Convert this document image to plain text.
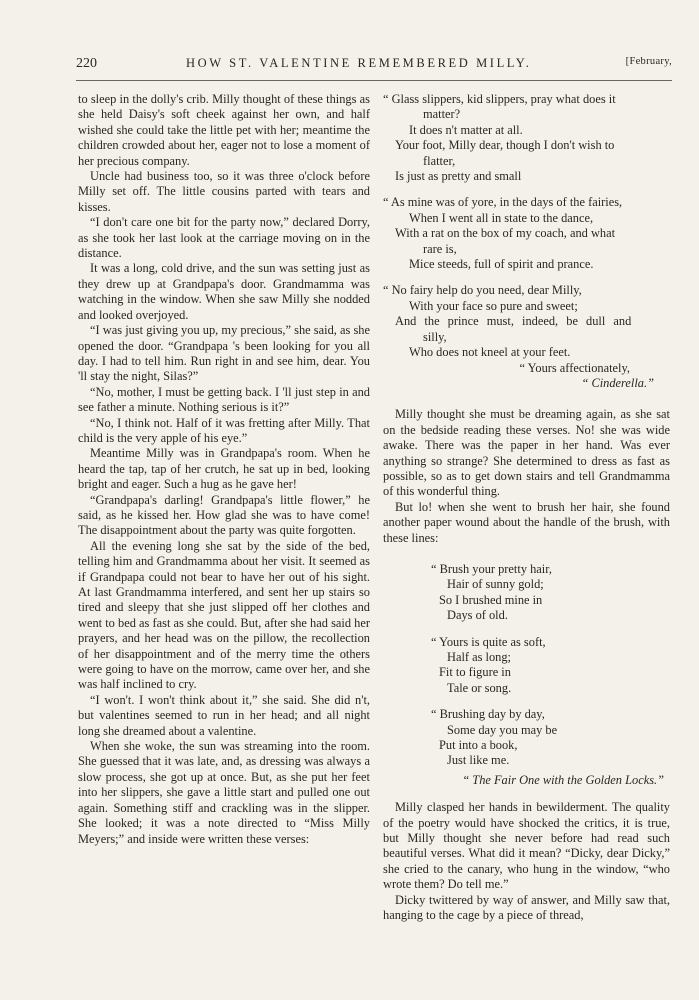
220	HOW ST. VALENTINE REMEMBERED MILLY.	[February,

to sleep in the dolly's crib. Milly thought of these things as she held Daisy's soft cheek against her own, and half wished she could take the little pet with her; meantime the children crowded about her, eager not to lose a moment of her precious company.

Uncle had business too, so it was three o'clock before Milly set off. The little cousins parted with tears and kisses.

“I don't care one bit for the party now,” declared Dorry, as she took her last look at the carriage moving on in the distance.

It was a long, cold drive, and the sun was setting just as they drew up at Grandpapa's door. Grandmamma was watching in the window. When she saw Milly she nodded and looked overjoyed.

“I was just giving you up, my precious,” she said, as she opened the door. “Grandpapa 's been looking for you all day. I had to tell him. Run right in and see him, dear. You 'll stay the night, Silas?”

“No, mother, I must be getting back. I 'll just step in and see father a minute. Nothing serious is it?”

“No, I think not. Half of it was fretting after Milly. That child is the very apple of his eye.”

Meantime Milly was in Grandpapa's room. When he heard the tap, tap of her crutch, he sat up in bed, looking bright and eager. Such a hug as he gave her!

“Grandpapa's darling! Grandpapa's little flower,” he said, as he kissed her. How glad she was to have come! The disappointment about the party was quite forgotten.

All the evening long she sat by the side of the bed, telling him and Grandmamma about her visit. It seemed as if Grandpapa could not bear to have her out of his sight. At last Grandmamma interfered, and sent her up stairs so tired and sleepy that she just slipped off her clothes and went to bed as fast as she could. But, after she had said her prayers, and her head was on the pillow, the recollection of her disappointment and of the merry time the others were going to have on the morrow, came over her, and she was half inclined to cry.

“I won't. I won't think about it,” she said. She did n't, but valentines seemed to run in her head; and all night long she dreamed about a valentine.

When she woke, the sun was streaming into the room. She guessed that it was late, and, as dressing was always a slow process, she got up at once. But, as she put her feet into her slippers, she gave a little start and pulled one out again. Something stiff and crackling was in the slipper. She looked; it was a note directed to “Miss Milly Meyers;” and inside were written these verses:

“ Glass slippers, kid slippers, pray what does it
matter?
It does n't matter at all.
Your foot, Milly dear, though I don't wish to
flatter,
Is just as pretty and small
“ As mine was of yore, in the days of the fairies,
When I went all in state to the dance,
With a rat on the box of my coach, and what
rare is,
Mice steeds, full of spirit and prance.
“ No fairy help do you need, dear Milly,
With your face so pure and sweet;
And the prince must, indeed, be dull and
silly,
Who does not kneel at your feet.
“ Yours affectionately,
“ Cinderella.”

Milly thought she must be dreaming again, as she sat on the bedside reading these verses. No! she was wide awake. There was the paper in her hand. Was ever anything so strange? She determined to dress as fast as possible, so as to get down stairs and tell Grandmamma of this wonderful thing.

But lo! when she went to brush her hair, she found another paper wound about the handle of the brush, with these lines:

“ Brush your pretty hair,
Hair of sunny gold;
So I brushed mine in
Days of old.
“ Yours is quite as soft,
Half as long;
Fit to figure in
Tale or song.
“ Brushing day by day,
Some day you may be
Put into a book,
Just like me.
“ The Fair One with the Golden Locks.”

Milly clasped her hands in bewilderment. The quality of the poetry would have shocked the critics, it is true, but Milly thought she never before had read such beautiful verses. What did it mean? “Dicky, dear Dicky,” she cried to the canary, who hung in the window, “who wrote them? Do tell me.”

Dicky twittered by way of answer, and Milly saw that, hanging to the cage by a piece of thread,
